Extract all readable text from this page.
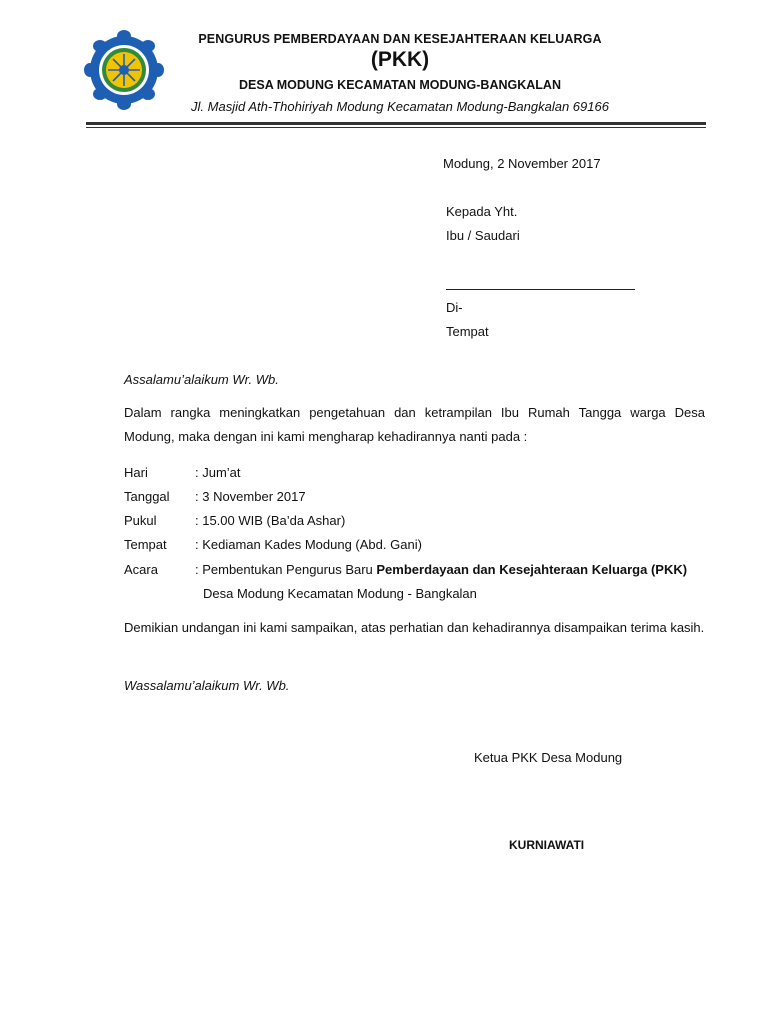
PENGURUS PEMBERDAYAAN DAN KESEJAHTERAAN KELUARGA
(PKK)
DESA MODUNG KECAMATAN MODUNG-BANGKALAN
Jl. Masjid Ath-Thohiriyah Modung Kecamatan Modung-Bangkalan 69166
Modung, 2 November 2017
Kepada Yht.
Ibu / Saudari
Di-
Tempat
Assalamu’alaikum Wr. Wb.
Dalam rangka meningkatkan pengetahuan dan ketrampilan Ibu Rumah Tangga warga Desa Modung, maka dengan ini kami mengharap kehadirannya nanti pada :
Hari	: Jum’at
Tanggal : 3 November 2017
Pukul	: 15.00 WIB (Ba’da Ashar)
Tempat : Kediaman Kades Modung (Abd. Gani)
Acara	: Pembentukan Pengurus Baru Pemberdayaan dan Kesejahteraan Keluarga (PKK)
Desa Modung Kecamatan Modung - Bangkalan
Demikian undangan ini kami sampaikan, atas perhatian dan kehadirannya disampaikan terima kasih.
Wassalamu’alaikum Wr. Wb.
Ketua PKK Desa Modung
KURNIAWATI
